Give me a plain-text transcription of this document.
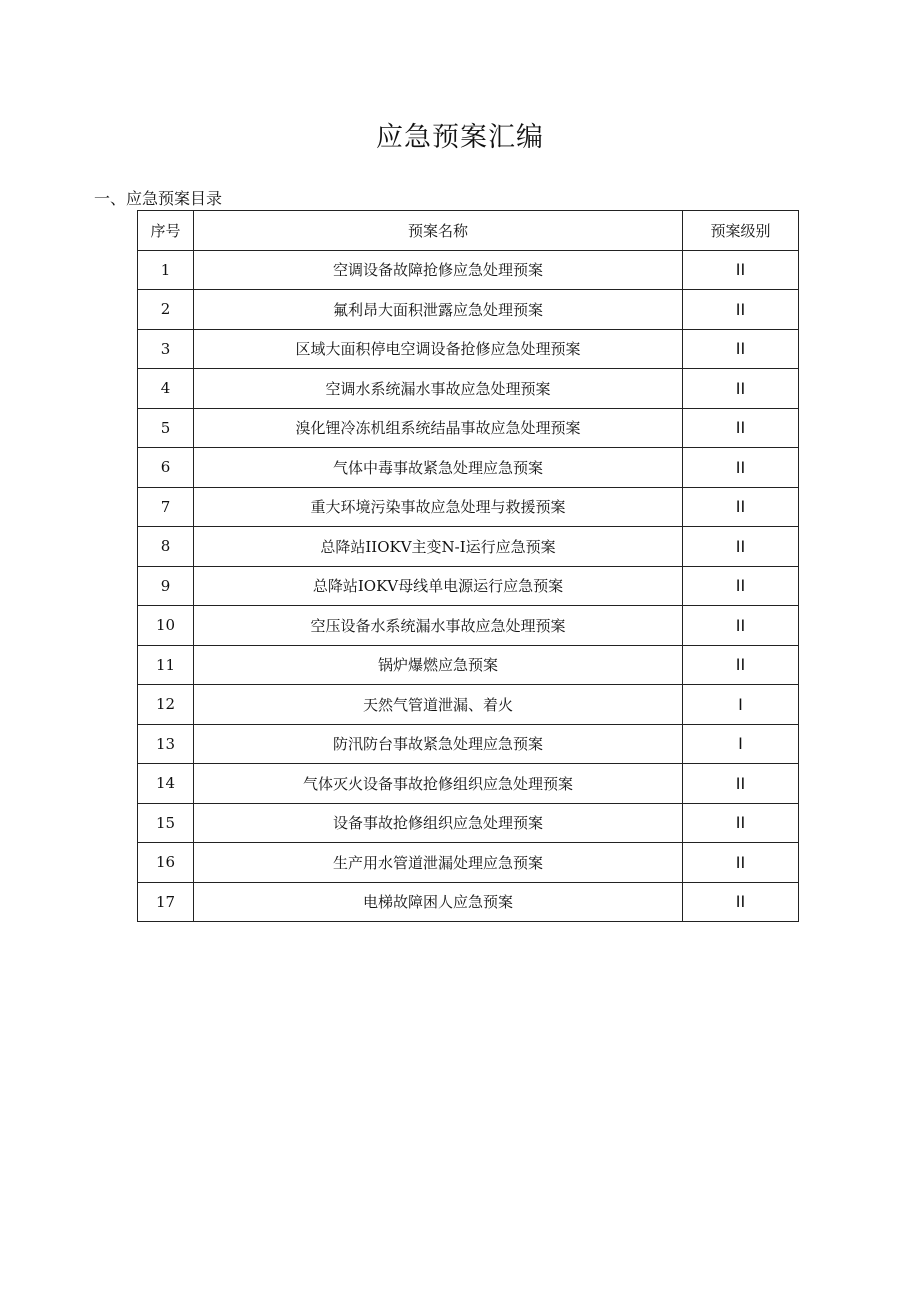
应急预案汇编
一、应急预案目录
序号	预案名称	预案级别
1	空调设备故障抢修应急处理预案	II
2	氟利昂大面积泄露应急处理预案	II
3	区域大面积停电空调设备抢修应急处理预案	II
4	空调水系统漏水事故应急处理预案	II
5	溴化锂冷冻机组系统结晶事故应急处理预案	II
6	气体中毒事故紧急处理应急预案	II
7	重大环境污染事故应急处理与救援预案	II
8	总降站IIOKV主变N-I运行应急预案	II
9	总降站IOKV母线单电源运行应急预案	II
10	空压设备水系统漏水事故应急处理预案	II
11	锅炉爆燃应急预案	II
12	天然气管道泄漏、着火	I
13	防汛防台事故紧急处理应急预案	I
14	气体灭火设备事故抢修组织应急处理预案	II
15	设备事故抢修组织应急处理预案	II
16	生产用水管道泄漏处理应急预案	II
17	电梯故障困人应急预案	II
